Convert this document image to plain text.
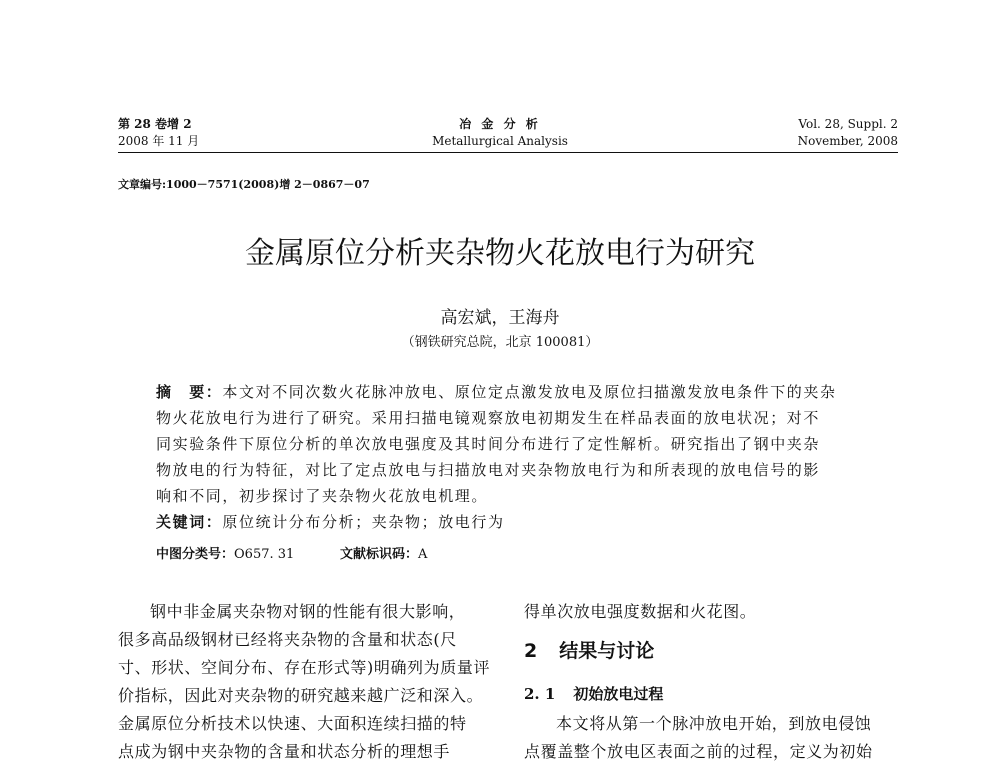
第 28 卷增 2
2008 年 11 月
冶 金 分 析
Metallurgical Analysis
Vol. 28, Suppl. 2
November, 2008
文章编号:1000－7571(2008)增 2－0867－07
金属原位分析夹杂物火花放电行为研究
高宏斌，王海舟
（钢铁研究总院，北京 100081）
摘　要：本文对不同次数火花脉冲放电、原位定点激发放电及原位扫描激发放电条件下的夹杂
物火花放电行为进行了研究。采用扫描电镜观察放电初期发生在样品表面的放电状况；对不
同实验条件下原位分析的单次放电强度及其时间分布进行了定性解析。研究指出了钢中夹杂
物放电的行为特征，对比了定点放电与扫描放电对夹杂物放电行为和所表现的放电信号的影
响和不同，初步探讨了夹杂物火花放电机理。
关键词：原位统计分布分析；夹杂物；放电行为
中图分类号：O657. 31	文献标识码：A
钢中非金属夹杂物对钢的性能有很大影响，
很多高品级钢材已经将夹杂物的含量和状态(尺
寸、形状、空间分布、存在形式等)明确列为质量评
价指标，因此对夹杂物的研究越来越广泛和深入。
金属原位分析技术以快速、大面积连续扫描的特
点成为钢中夹杂物的含量和状态分析的理想手
得单次放电强度数据和火花图。
2 结果与讨论
2. 1 初始放电过程
本文将从第一个脉冲放电开始，到放电侵蚀
点覆盖整个放电区表面之前的过程，定义为初始
